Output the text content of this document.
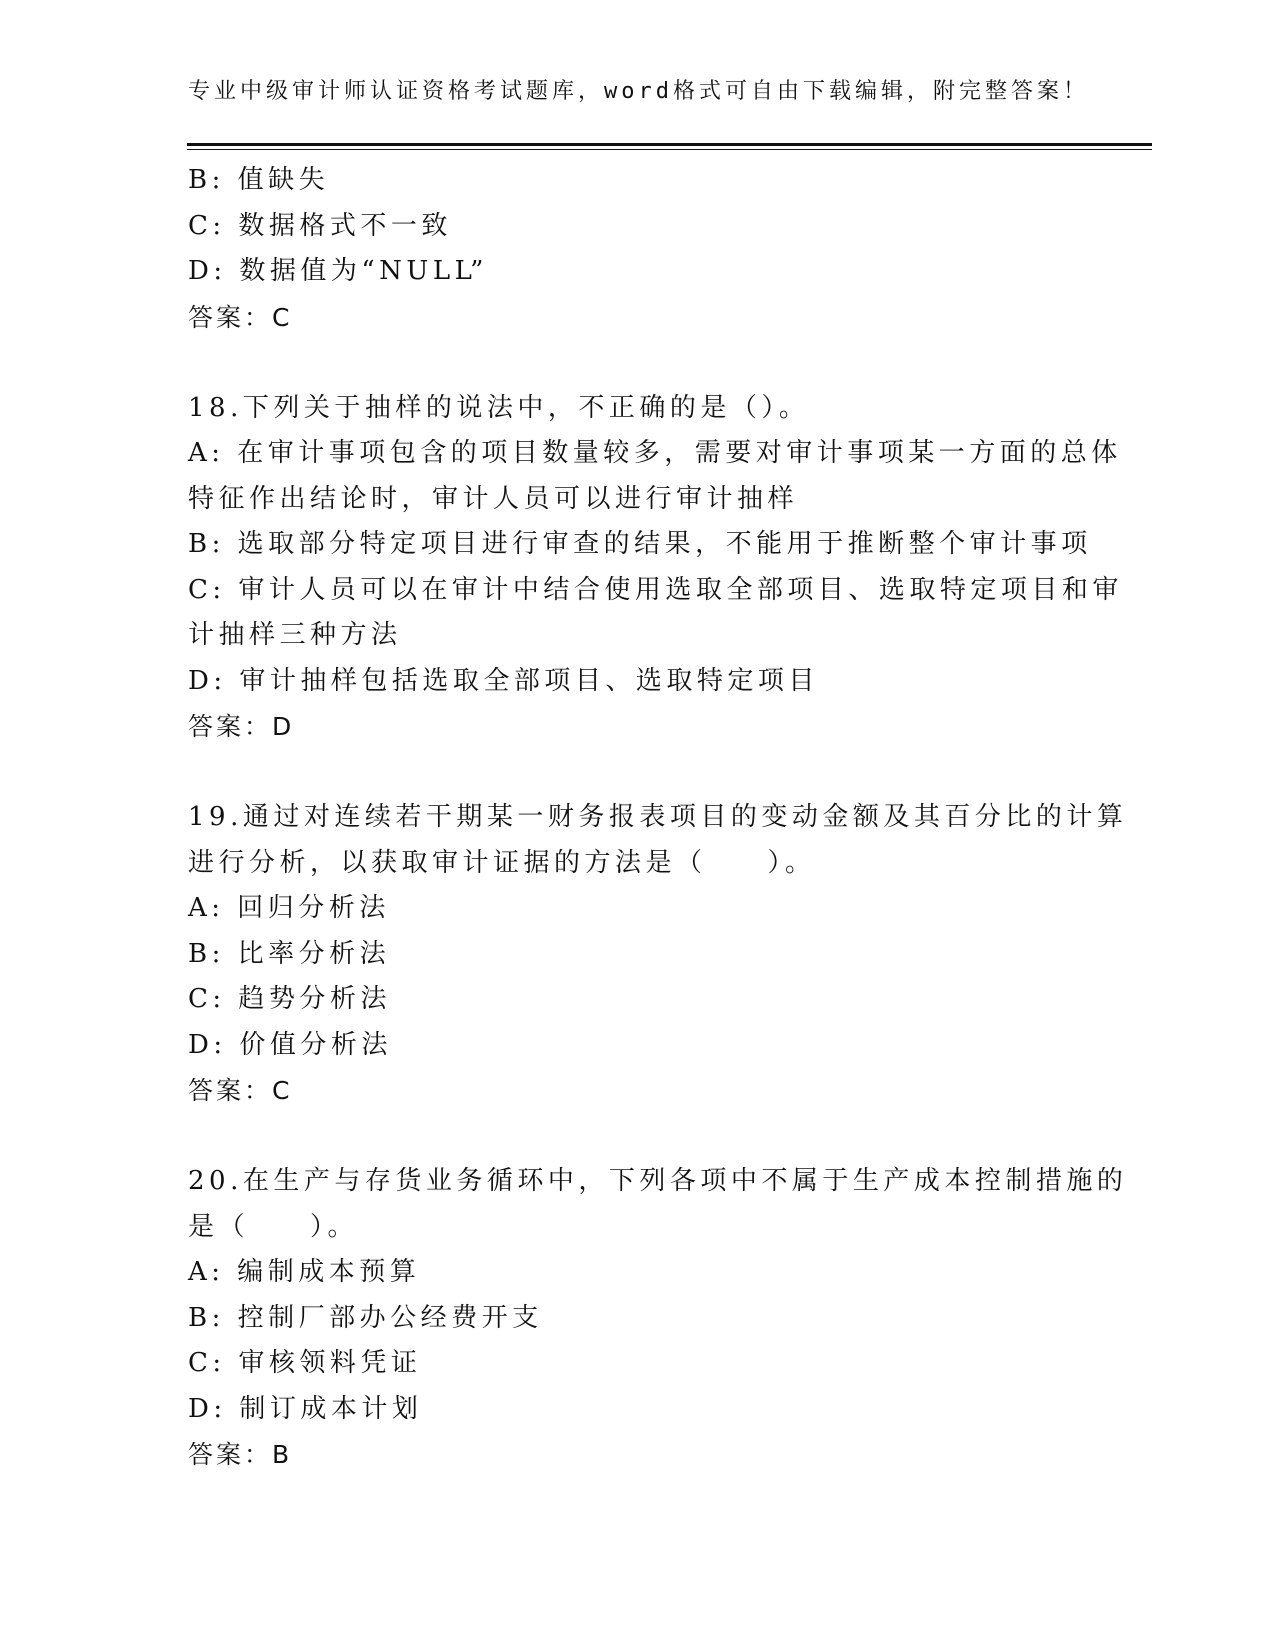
专业中级审计师认证资格考试题库，word格式可自由下载编辑，附完整答案！

B: 值缺失

C: 数据格式不一致

D: 数据值为“NULL”

答案：C

18.下列关于抽样的说法中，不正确的是（）。

A: 在审计事项包含的项目数量较多，需要对审计事项某一方面的总体

特征作出结论时，审计人员可以进行审计抽样

B: 选取部分特定项目进行审查的结果，不能用于推断整个审计事项

C: 审计人员可以在审计中结合使用选取全部项目、选取特定项目和审

计抽样三种方法

D: 审计抽样包括选取全部项目、选取特定项目

答案：D

19.通过对连续若干期某一财务报表项目的变动金额及其百分比的计算

进行分析，以获取审计证据的方法是（　　）。

A: 回归分析法

B: 比率分析法

C: 趋势分析法

D: 价值分析法

答案：C

20.在生产与存货业务循环中，下列各项中不属于生产成本控制措施的

是（　　）。

A: 编制成本预算

B: 控制厂部办公经费开支

C: 审核领料凭证

D: 制订成本计划

答案：B
